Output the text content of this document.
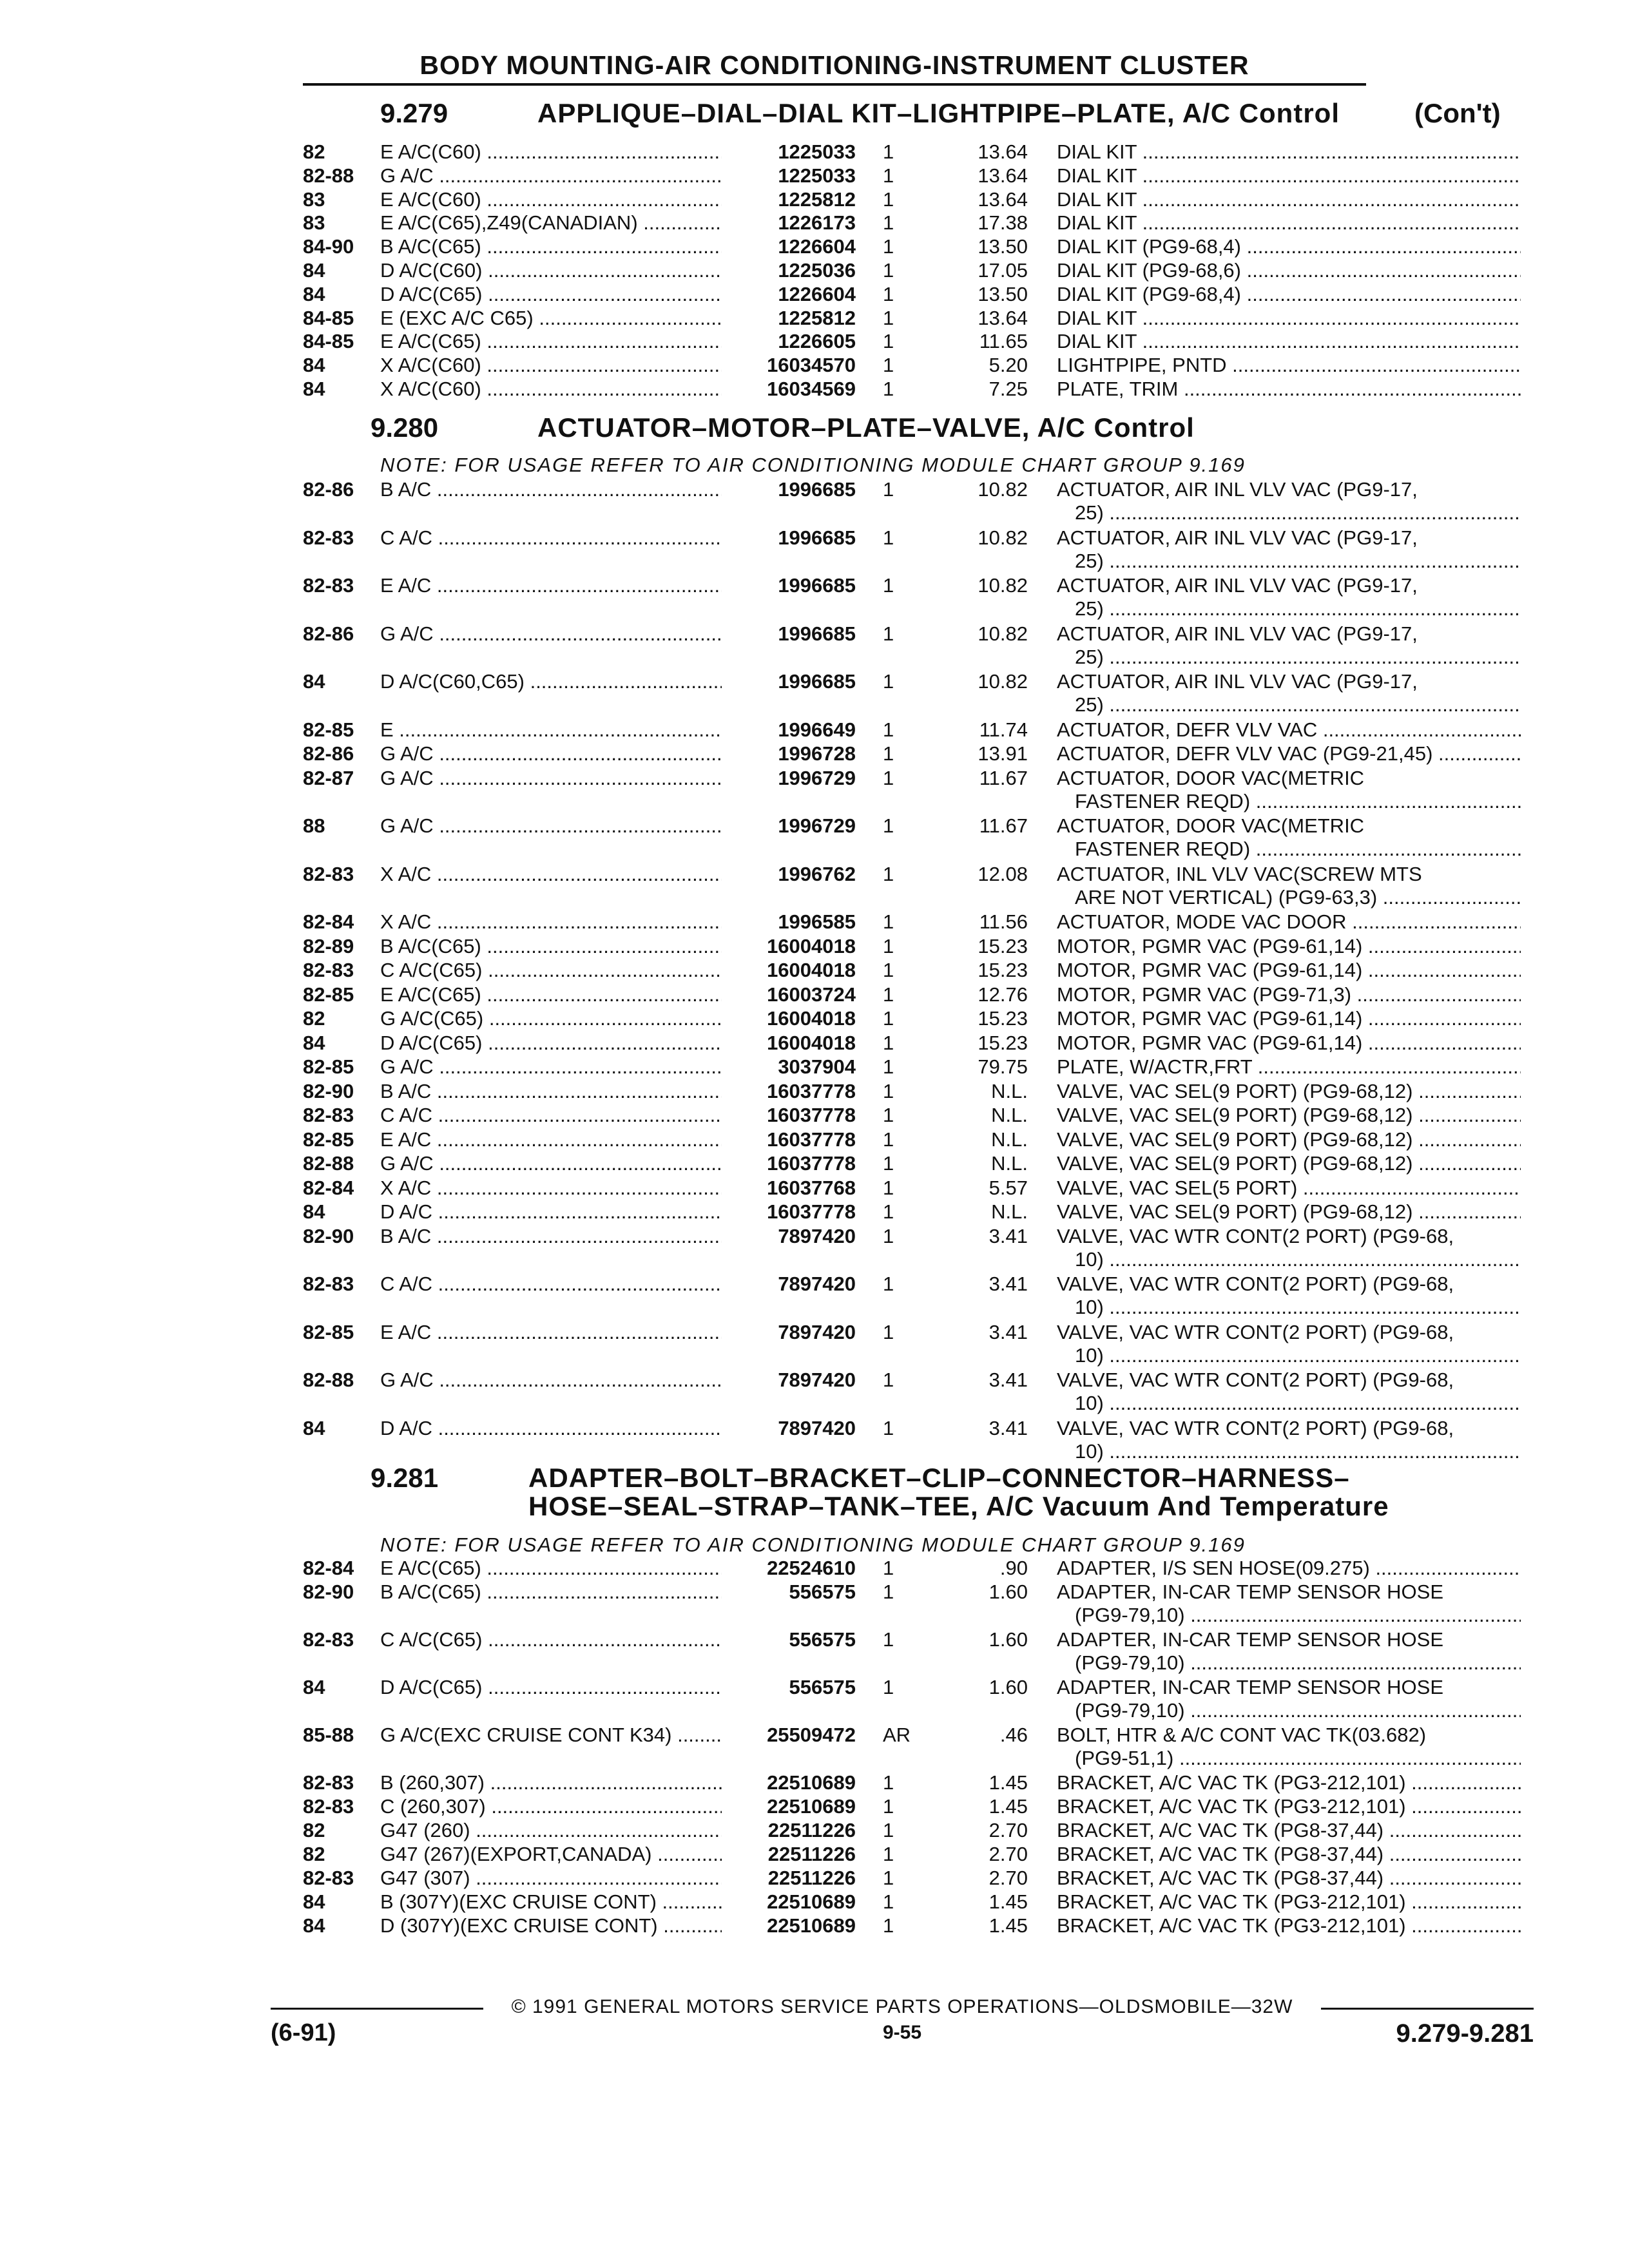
BODY MOUNTING-AIR CONDITIONING-INSTRUMENT CLUSTER
9.279	APPLIQUE–DIAL–DIAL KIT–LIGHTPIPE–PLATE, A/C Control	(Con't)
82	E A/C(C60) .....	1225033 1	13.64 DIAL KIT .....
82-88 G A/C .....	1225033 1	13.64 DIAL KIT .....
83	E A/C(C60) .....	1225812 1	13.64 DIAL KIT .....
83	E A/C(C65),Z49(CANADIAN) .....	1226173 1	17.38 DIAL KIT .....
84-90 B A/C(C65) .....	1226604 1	13.50 DIAL KIT (PG9-68,4) .....
84	D A/C(C60) .....	1225036 1	17.05 DIAL KIT (PG9-68,6) .....
84	D A/C(C65) .....	1226604 1	13.50 DIAL KIT (PG9-68,4) .....
84-85 E (EXC A/C C65) .....	1225812 1	13.64 DIAL KIT .....
84-85 E A/C(C65) .....	1226605 1	11.65 DIAL KIT .....
84	X A/C(C60) .....	16034570 1	5.20 LIGHTPIPE, PNTD .....
84	X A/C(C60) .....	16034569 1	7.25 PLATE, TRIM .....
9.280	ACTUATOR–MOTOR–PLATE–VALVE, A/C Control
NOTE: FOR USAGE REFER TO AIR CONDITIONING MODULE CHART GROUP 9.169
82-86 B A/C .....	1996685 1	10.82 ACTUATOR, AIR INL VLV VAC (PG9-17,
25) .....
82-83 C A/C .....	1996685 1	10.82 ACTUATOR, AIR INL VLV VAC (PG9-17,
25) .....
82-83 E A/C .....	1996685 1	10.82 ACTUATOR, AIR INL VLV VAC (PG9-17,
25) .....
82-86 G A/C .....	1996685 1	10.82 ACTUATOR, AIR INL VLV VAC (PG9-17,
25) .....
84	D A/C(C60,C65) .....	1996685 1	10.82 ACTUATOR, AIR INL VLV VAC (PG9-17,
25) .....
82-85 E .....	1996649 1	11.74 ACTUATOR, DEFR VLV VAC .....
82-86 G A/C .....	1996728 1	13.91 ACTUATOR, DEFR VLV VAC (PG9-21,45) .....
82-87 G A/C .....	1996729 1	11.67 ACTUATOR, DOOR VAC(METRIC
FASTENER REQD) .....
88	G A/C .....	1996729 1	11.67 ACTUATOR, DOOR VAC(METRIC
FASTENER REQD) .....
82-83 X A/C .....	1996762 1	12.08 ACTUATOR, INL VLV VAC(SCREW MTS
ARE NOT VERTICAL) (PG9-63,3) .....
82-84 X A/C .....	1996585 1	11.56 ACTUATOR, MODE VAC DOOR .....
82-89 B A/C(C65) .....	16004018 1	15.23 MOTOR, PGMR VAC (PG9-61,14) .....
82-83 C A/C(C65) .....	16004018 1	15.23 MOTOR, PGMR VAC (PG9-61,14) .....
82-85 E A/C(C65) .....	16003724 1	12.76 MOTOR, PGMR VAC (PG9-71,3) .....
82	G A/C(C65) .....	16004018 1	15.23 MOTOR, PGMR VAC (PG9-61,14) .....
84	D A/C(C65) .....	16004018 1	15.23 MOTOR, PGMR VAC (PG9-61,14) .....
82-85 G A/C .....	3037904 1	79.75 PLATE, W/ACTR,FRT .....
82-90 B A/C .....	16037778 1	N.L. VALVE, VAC SEL(9 PORT) (PG9-68,12) .....
82-83 C A/C .....	16037778 1	N.L. VALVE, VAC SEL(9 PORT) (PG9-68,12) .....
82-85 E A/C .....	16037778 1	N.L. VALVE, VAC SEL(9 PORT) (PG9-68,12) .....
82-88 G A/C .....	16037778 1	N.L. VALVE, VAC SEL(9 PORT) (PG9-68,12) .....
82-84 X A/C .....	16037768 1	5.57 VALVE, VAC SEL(5 PORT) .....
84	D A/C .....	16037778 1	N.L. VALVE, VAC SEL(9 PORT) (PG9-68,12) .....
82-90 B A/C .....	7897420 1	3.41 VALVE, VAC WTR CONT(2 PORT) (PG9-68,
10) .....
82-83 C A/C .....	7897420 1	3.41 VALVE, VAC WTR CONT(2 PORT) (PG9-68,
10) .....
82-85 E A/C .....	7897420 1	3.41 VALVE, VAC WTR CONT(2 PORT) (PG9-68,
10) .....
82-88 G A/C .....	7897420 1	3.41 VALVE, VAC WTR CONT(2 PORT) (PG9-68,
10) .....
84	D A/C .....	7897420 1	3.41 VALVE, VAC WTR CONT(2 PORT) (PG9-68,
10) .....
9.281	ADAPTER–BOLT–BRACKET–CLIP–CONNECTOR–HARNESS–
HOSE–SEAL–STRAP–TANK–TEE, A/C Vacuum And Temperature
NOTE: FOR USAGE REFER TO AIR CONDITIONING MODULE CHART GROUP 9.169
82-84 E A/C(C65) .....	22524610 1	.90 ADAPTER, I/S SEN HOSE(09.275) .....
82-90 B A/C(C65) .....	556575 1	1.60 ADAPTER, IN-CAR TEMP SENSOR HOSE
(PG9-79,10) .....
82-83 C A/C(C65) .....	556575 1	1.60 ADAPTER, IN-CAR TEMP SENSOR HOSE
(PG9-79,10) .....
84	D A/C(C65) .....	556575 1	1.60 ADAPTER, IN-CAR TEMP SENSOR HOSE
(PG9-79,10) .....
85-88 G A/C(EXC CRUISE CONT K34) .....	25509472 AR	.46 BOLT, HTR & A/C CONT VAC TK(03.682)
(PG9-51,1) .....
82-83 B (260,307) .....	22510689 1	1.45 BRACKET, A/C VAC TK (PG3-212,101) .....
82-83 C (260,307) .....	22510689 1	1.45 BRACKET, A/C VAC TK (PG3-212,101) .....
82	G47 (260) .....	22511226 1	2.70 BRACKET, A/C VAC TK (PG8-37,44) .....
82	G47 (267)(EXPORT,CANADA) .....	22511226 1	2.70 BRACKET, A/C VAC TK (PG8-37,44) .....
82-83 G47 (307) .....	22511226 1	2.70 BRACKET, A/C VAC TK (PG8-37,44) .....
84	B (307Y)(EXC CRUISE CONT) .....	22510689 1	1.45 BRACKET, A/C VAC TK (PG3-212,101) .....
84	D (307Y)(EXC CRUISE CONT) .....	22510689 1	1.45 BRACKET, A/C VAC TK (PG3-212,101) .....
© 1991 GENERAL MOTORS SERVICE PARTS OPERATIONS—OLDSMOBILE—32W
(6-91)	9-55	9.279-9.281
